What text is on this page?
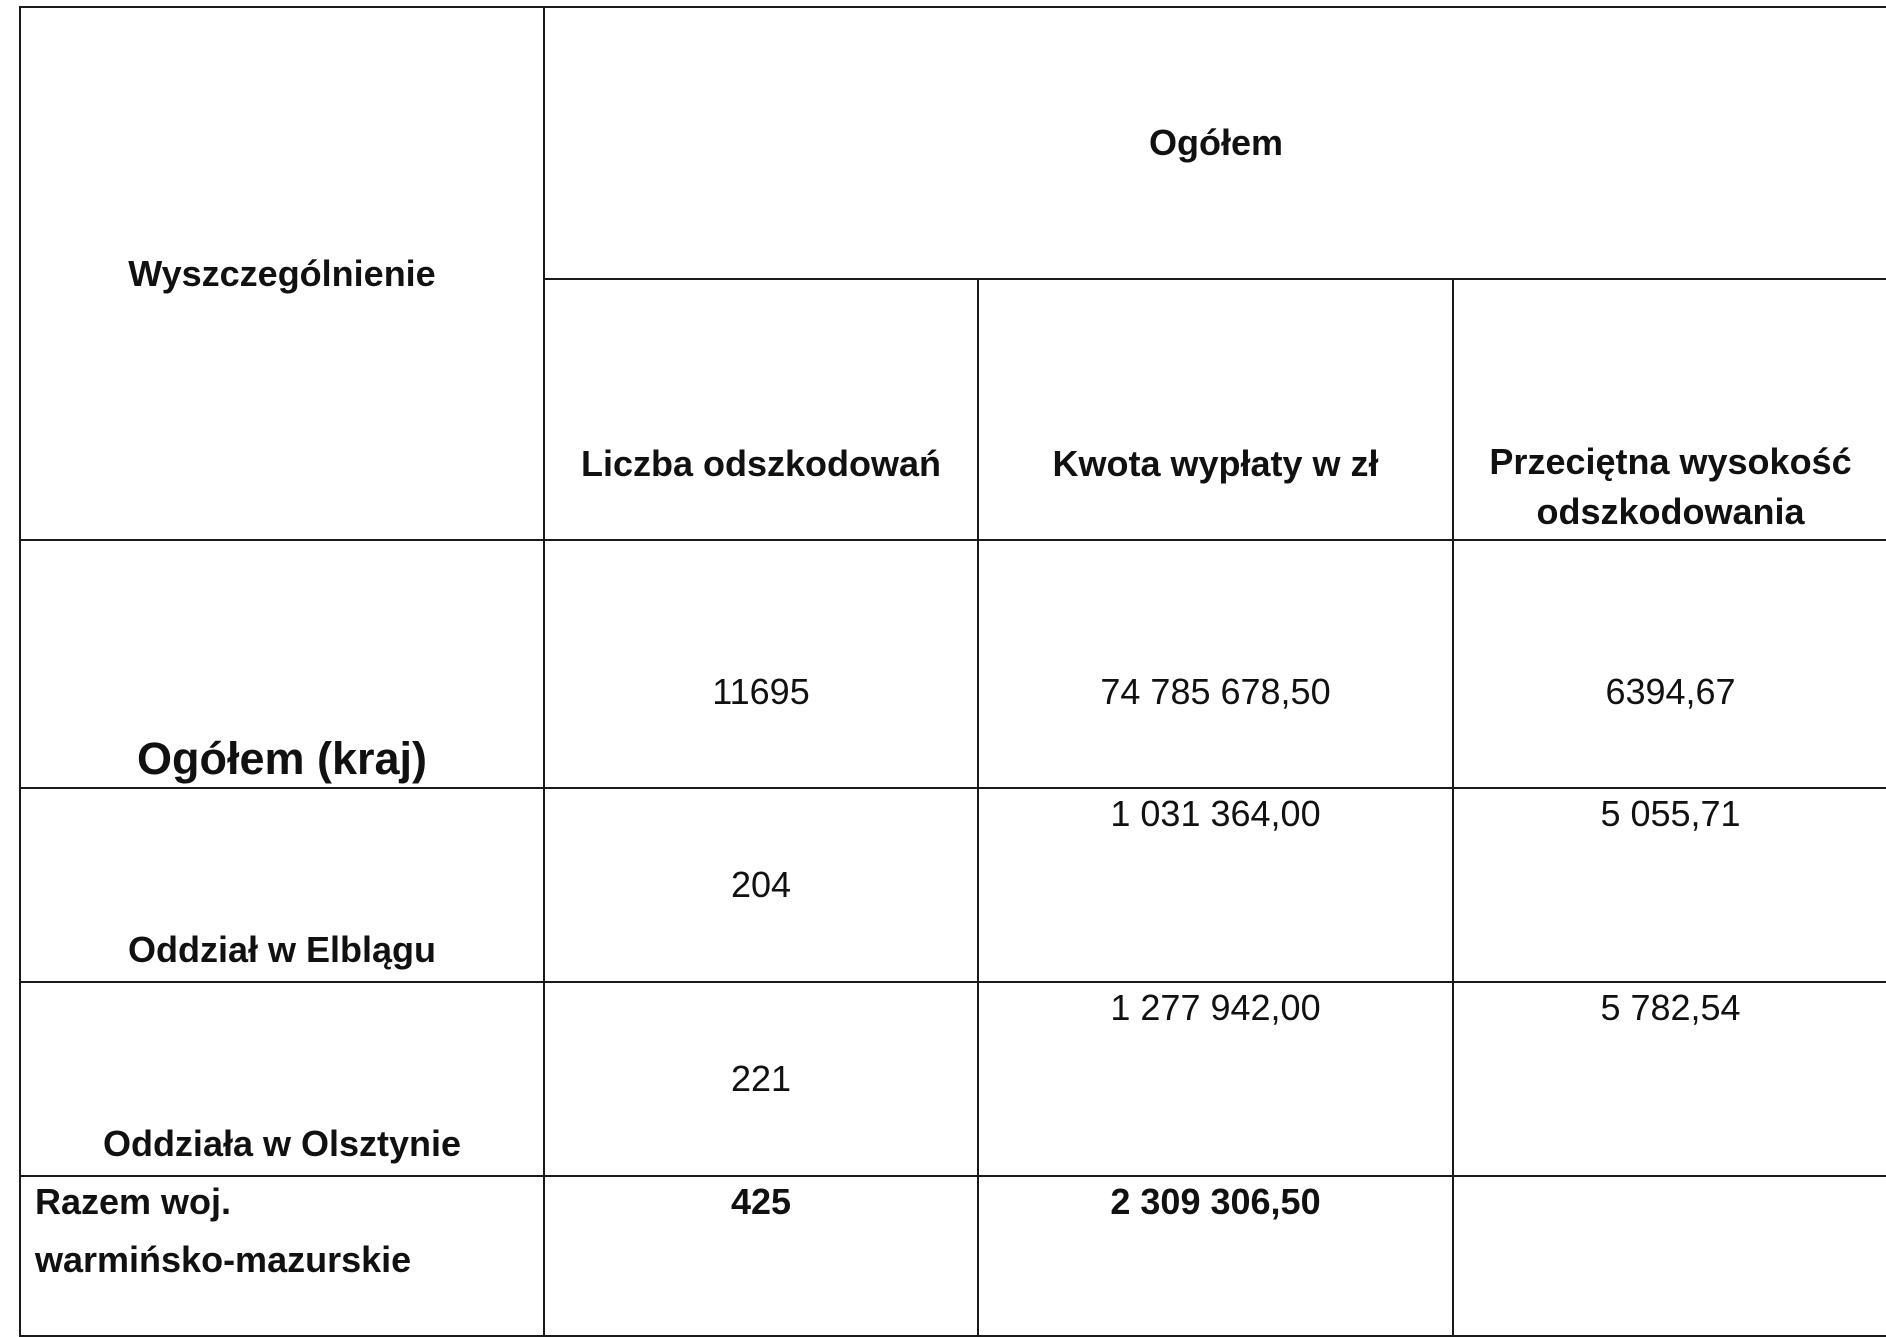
Wyszczególnienie	Ogółem		

	Liczba odszkodowań	Kwota wypłaty w zł	Przeciętna wysokość odszkodowania

Ogółem (kraj)	11695	74 785 678,50	6394,67
Oddział w Elblągu	204	1 031 364,00	5 055,71
Oddziała w Olsztynie	221	1 277 942,00	5 782,54

Razem woj.
warmińsko-mazurskie	425	2 309 306,50	
